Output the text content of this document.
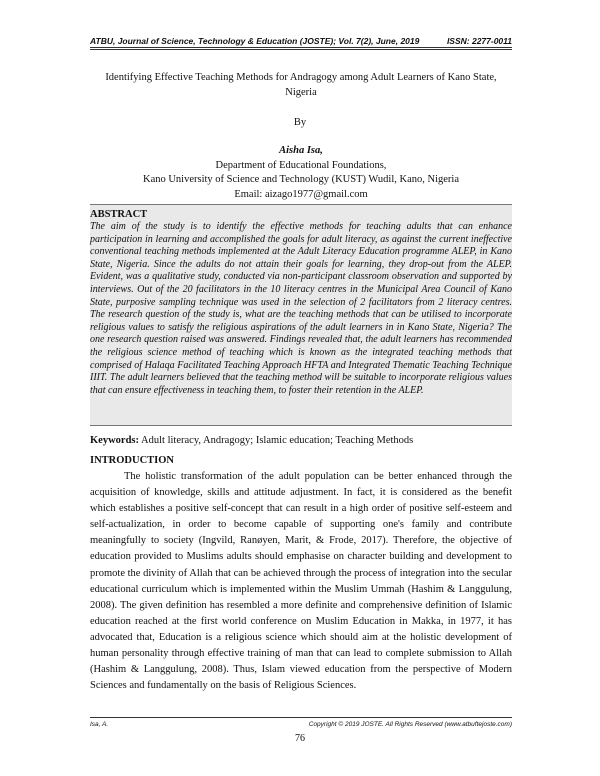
ATBU, Journal of Science, Technology & Education (JOSTE); Vol. 7(2), June, 2019	ISSN: 2277-0011
Identifying Effective Teaching Methods for Andragogy among Adult Learners of Kano State,
Nigeria
By
Aisha Isa,
Department of Educational Foundations,
Kano University of Science and Technology (KUST) Wudil, Kano, Nigeria
Email: aizago1977@gmail.com
ABSTRACT

The aim of the study is to identify the effective methods for teaching adults that can enhance participation in learning and accomplished the goals for adult literacy, as against the current ineffective conventional teaching methods implemented at the Adult Literacy Education programme ALEP, in Kano State, Nigeria. Since the adults do not attain their goals for learning, they drop-out from the ALEP. Evident, was a qualitative study, conducted via non-participant classroom observation and supported by interviews. Out of the 20 facilitators in the 10 literacy centres in the Municipal Area Council of Kano State, purposive sampling technique was used in the selection of 2 facilitators from 2 literacy centres. The research question of the study is, what are the teaching methods that can be utilised to incorporate religious values to satisfy the religious aspirations of the adult learners in in Kano State, Nigeria? The one research question raised was answered. Findings revealed that, the adult learners has recommended the religious science method of teaching which is known as the integrated teaching methods that comprised of Halaqa Facilitated Teaching Approach HFTA and Integrated Thematic Teaching Technique IIIT. The adult learners believed that the teaching method will be suitable to incorporate religious values that can ensure effectiveness in teaching them, to foster their retention in the ALEP.

Keywords: Adult literacy, Andragogy; Islamic education; Teaching Methods
INTRODUCTION

The holistic transformation of the adult population can be better enhanced through the acquisition of knowledge, skills and attitude adjustment. In fact, it is considered as the benefit which establishes a positive self-concept that can result in a high order of positive self-esteem and self-actualization, in order to become capable of supporting one's family and contribute meaningfully to society (Ingvild, Ranøyen, Marit, & Frode, 2017). Therefore, the objective of education provided to Muslims adults should emphasise on character building and development to promote the divinity of Allah that can be achieved through the process of integration into the secular educational curriculum which is implemented within the Muslim Ummah (Hashim & Langgulung, 2008). The given definition has resembled a more definite and comprehensive definition of Islamic education reached at the first world conference on Muslim Education in Makka, in 1977, it has advocated that, Education is a religious science which should aim at the holistic development of human personality through effective training of man that can lead to complete submission to Allah (Hashim & Langgulung, 2008). Thus, Islam viewed education from the perspective of Modern Sciences and fundamentally on the basis of Religious Sciences.

Isa, A.	Copyright © 2019 JOSTE. All Rights Reserved (www.atbuftejoste.com)
76
